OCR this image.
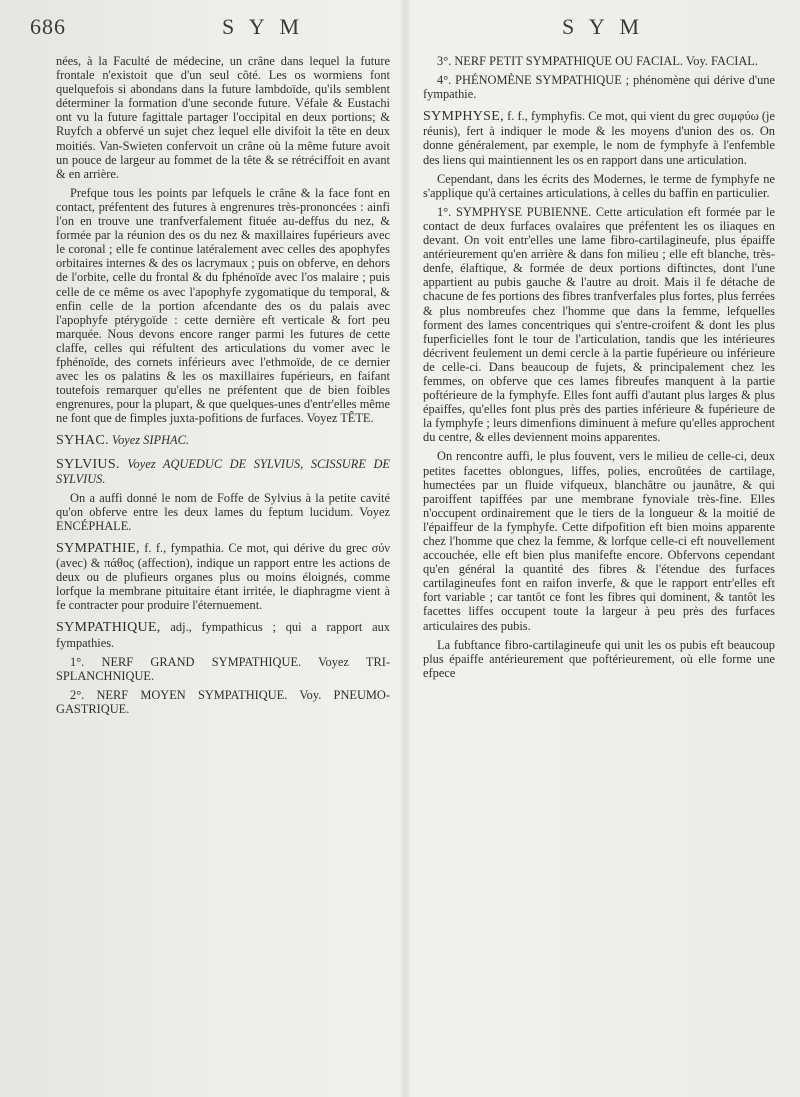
686	S Y M	S Y M

nées, à la Faculté de médecine, un crâne dans lequel la future frontale n'existoit que d'un seul côté. Les os wormiens font quelquefois si abondans dans la future lambdoïde, qu'ils semblent déterminer la formation d'une seconde future. Véfale & Eustachi ont vu la future fagittale partager l'occipital en deux portions; & Ruyfch a obfervé un sujet chez lequel elle divifoit la tête en deux moitiés. Van-Swieten confervoit un crâne où la même future avoit un pouce de largeur au fommet de la tête & se rétréciffoit en avant & en arrière.

Prefque tous les points par lefquels le crâne & la face font en contact, préfentent des futures à engrenures très-prononcées : ainfi l'on en trouve une tranfverfalement fituée au-deffus du nez, & formée par la réunion des os du nez & maxillaires fupérieurs avec le coronal ; elle fe continue latéralement avec celles des apophyfes orbitaires internes & des os lacrymaux ; puis on obferve, en dehors de l'orbite, celle du frontal & du fphénoïde avec l'os malaire ; puis celle de ce même os avec l'apophyfe zygomatique du temporal, & enfin celle de la portion afcendante des os du palais avec l'apophyfe ptérygoïde : cette dernière eft verticale & fort peu marquée. Nous devons encore ranger parmi les futures de cette claffe, celles qui réfultent des articulations du vomer avec le fphénoïde, des cornets inférieurs avec l'ethmoïde, de ce dernier avec les os palatins & les os maxillaires fupérieurs, en faifant toutefois remarquer qu'elles ne préfentent que de bien foibles engrenures, pour la plupart, & que quelques-unes d'entr'elles même ne font que de fimples juxta-pofitions de furfaces. Voyez TÊTE.

SYHAC. Voyez SIPHAC.

SYLVIUS. Voyez AQUEDUC DE SYLVIUS, SCISSURE DE SYLVIUS.

On a auffi donné le nom de Foffe de Sylvius à la petite cavité qu'on obferve entre les deux lames du feptum lucidum. Voyez ENCÉPHALE.

SYMPATHIE, f. f., fympathia. Ce mot, qui dérive du grec σύν (avec) & πάθος (affection), indique un rapport entre les actions de deux ou de plufieurs organes plus ou moins éloignés, comme lorfque la membrane pituitaire étant irritée, le diaphragme vient à fe contracter pour produire l'éternuement.

SYMPATHIQUE, adj., fympathicus ; qui a rapport aux fympathies.

1°. NERF GRAND SYMPATHIQUE. Voyez TRI-SPLANCHNIQUE.

2°. NERF MOYEN SYMPATHIQUE. Voy. PNEUMO-GASTRIQUE.

3°. NERF PETIT SYMPATHIQUE OU FACIAL. Voy. FACIAL.

4°. PHÉNOMÈNE SYMPATHIQUE ; phénomène qui dérive d'une fympathie.

SYMPHYSE, f. f., fymphyfis. Ce mot, qui vient du grec συμφύω (je réunis), fert à indiquer le mode & les moyens d'union des os. On donne généralement, par exemple, le nom de fymphyfe à l'enfemble des liens qui maintiennent les os en rapport dans une articulation.

Cependant, dans les écrits des Modernes, le terme de fymphyfe ne s'applique qu'à certaines articulations, à celles du baffin en particulier.

1°. SYMPHYSE PUBIENNE. Cette articulation eft formée par le contact de deux furfaces ovalaires que préfentent les os iliaques en devant. On voit entr'elles une lame fibro-cartilagineufe, plus épaiffe antérieurement qu'en arrière & dans fon milieu ; elle eft blanche, très-denfe, élaftique, & formée de deux portions diftinctes, dont l'une appartient au pubis gauche & l'autre au droit. Mais il fe détache de chacune de fes portions des fibres tranfverfales plus fortes, plus ferrées & plus nombreufes chez l'homme que dans la femme, lefquelles forment des lames concentriques qui s'entre-croifent & dont les plus fuperficielles font le tour de l'articulation, tandis que les intérieures décrivent feulement un demi cercle à la partie fupérieure ou inférieure de celle-ci. Dans beaucoup de fujets, & principalement chez les femmes, on obferve que ces lames fibreufes manquent à la partie poftérieure de la fymphyfe. Elles font auffi d'autant plus larges & plus épaiffes, qu'elles font plus près des parties inférieure & fupérieure de la fymphyfe ; leurs dimenfions diminuent à mefure qu'elles approchent du centre, & elles deviennent moins apparentes.

On rencontre auffi, le plus fouvent, vers le milieu de celle-ci, deux petites facettes oblongues, liffes, polies, encroûtées de cartilage, humectées par un fluide vifqueux, blanchâtre ou jaunâtre, & qui paroiffent tapiffées par une membrane fynoviale très-fine. Elles n'occupent ordinairement que le tiers de la longueur & la moitié de l'épaiffeur de la fymphyfe. Cette difpofition eft bien moins apparente chez l'homme que chez la femme, & lorfque celle-ci eft nouvellement accouchée, elle eft bien plus manifefte encore. Obfervons cependant qu'en général la quantité des fibres & l'étendue des furfaces cartilagineufes font en raifon inverfe, & que le rapport entr'elles eft fort variable ; car tantôt ce font les fibres qui dominent, & tantôt les facettes liffes occupent toute la largeur à peu près des furfaces articulaires des pubis.

La fubftance fibro-cartilagineufe qui unit les os pubis eft beaucoup plus épaiffe antérieurement que poftérieurement, où elle forme une efpece
